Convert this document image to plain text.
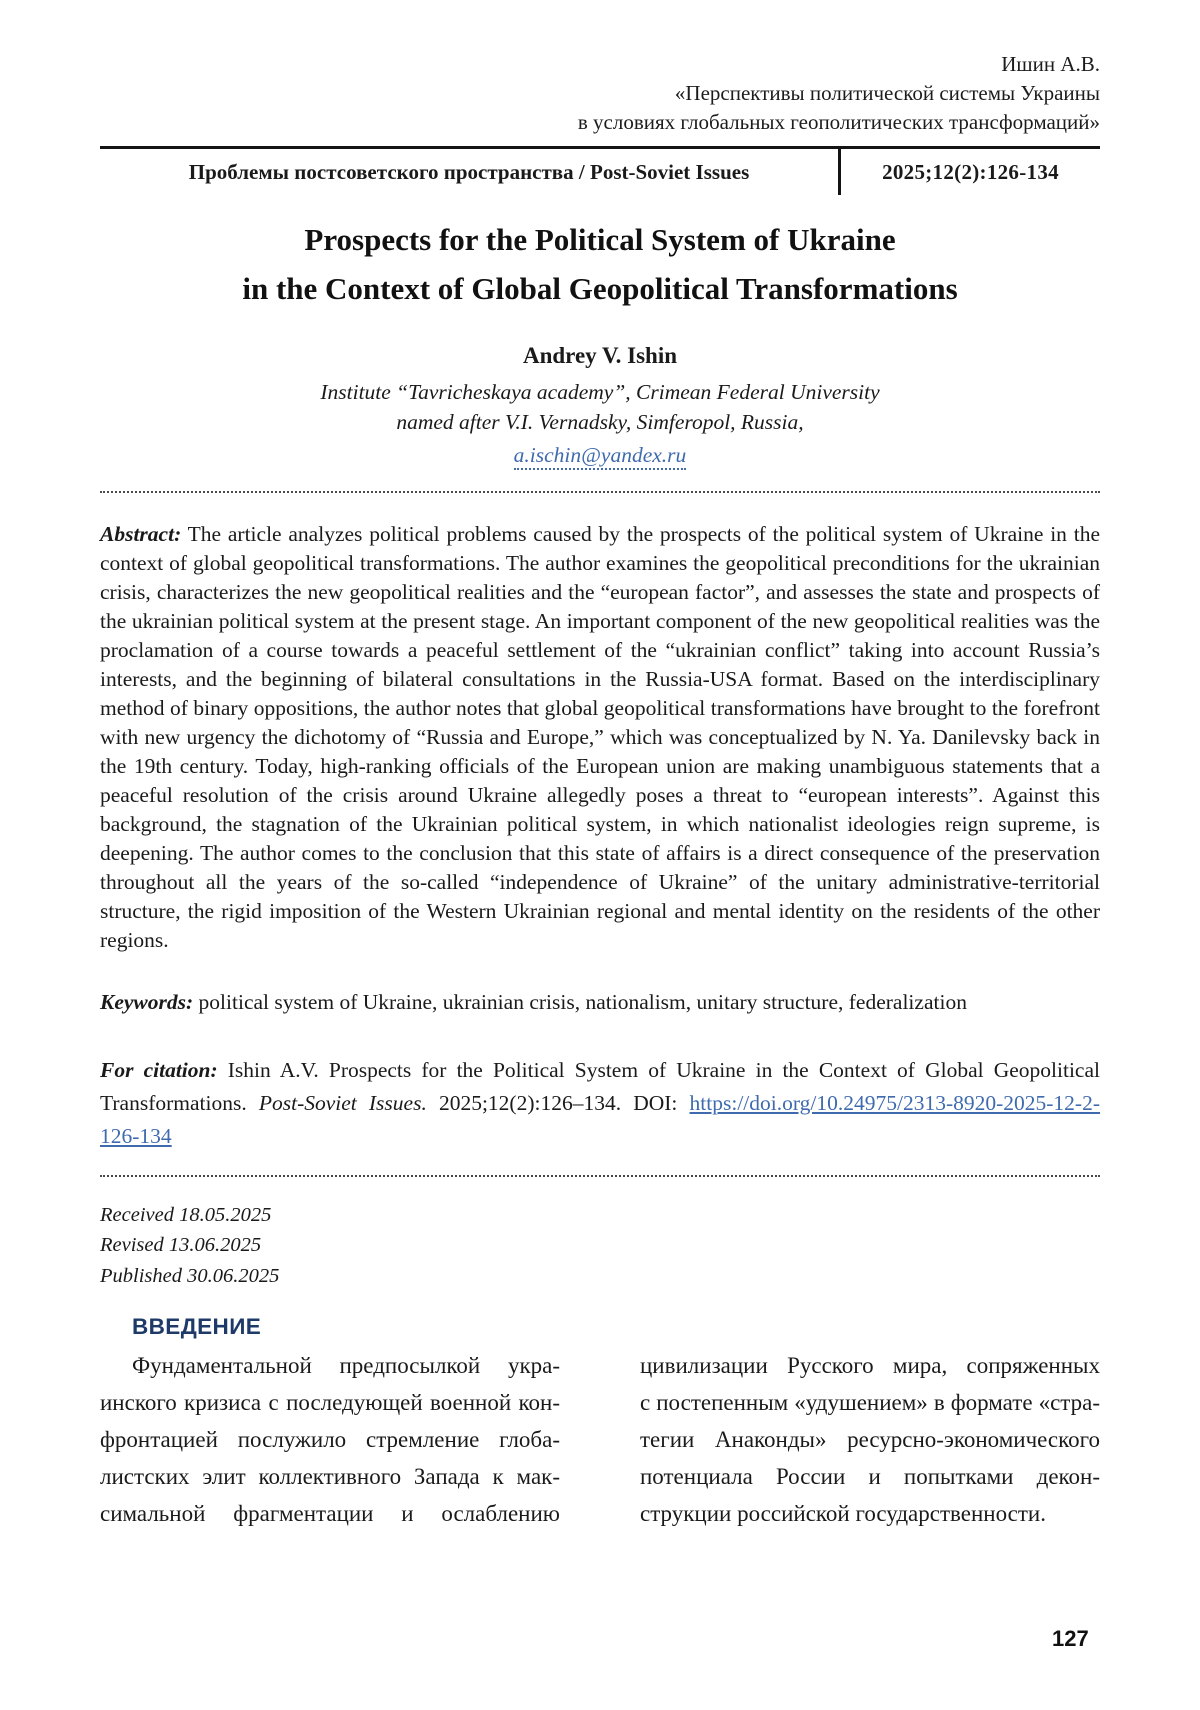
Ишин А.В.
«Перспективы политической системы Украины
в условиях глобальных геополитических трансформаций»
Проблемы постсоветского пространства / Post-Soviet Issues	2025;12(2):126-134
Prospects for the Political System of Ukraine
in the Context of Global Geopolitical Transformations
Andrey V. Ishin
Institute “Tavricheskaya academy”, Crimean Federal University
named after V.I. Vernadsky, Simferopol, Russia,
a.ischin@yandex.ru

Abstract: The article analyzes political problems caused by the prospects of the political system of Ukraine in the context of global geopolitical transformations. The author examines the geopolitical preconditions for the ukrainian crisis, characterizes the new geopolitical realities and the “european factor”, and assesses the state and prospects of the ukrainian political system at the present stage. An important component of the new geopolitical realities was the proclamation of a course towards a peaceful settlement of the “ukrainian conflict” taking into account Russia’s interests, and the beginning of bilateral consultations in the Russia-USA format. Based on the interdisciplinary method of binary oppositions, the author notes that global geopolitical transformations have brought to the forefront with new urgency the dichotomy of “Russia and Europe,” which was conceptualized by N. Ya. Danilevsky back in the 19th century. Today, high-ranking officials of the European union are making unambiguous statements that a peaceful resolution of the crisis around Ukraine allegedly poses a threat to “european interests”. Against this background, the stagnation of the Ukrainian political system, in which nationalist ideologies reign supreme, is deepening. The author comes to the conclusion that this state of affairs is a direct consequence of the preservation throughout all the years of the so-called “independence of Ukraine” of the unitary administrative-territorial structure, the rigid imposition of the Western Ukrainian regional and mental identity on the residents of the other regions.

Keywords: political system of Ukraine, ukrainian crisis, nationalism, unitary structure, federalization

For citation: Ishin A.V. Prospects for the Political System of Ukraine in the Context of Global Geopolitical Transformations. Post-Soviet Issues. 2025;12(2):126–134. DOI: https://doi.org/10.24975/2313-8920-2025-12-2-126-134

Received 18.05.2025
Revised 13.06.2025
Published 30.06.2025
ВВЕДЕНИЕ
Фундаментальной предпосылкой укра-
инского кризиса с последующей военной кон-
фронтацией послужило стремление глоба-
листских элит коллективного Запада к мак-
симальной фрагментации и ослаблению
цивилизации Русского мира, сопряженных
с постепенным «удушением» в формате «стра-
тегии Анаконды» ресурсно-экономического
потенциала России и попытками декон-
струкции российской государственности.
127
